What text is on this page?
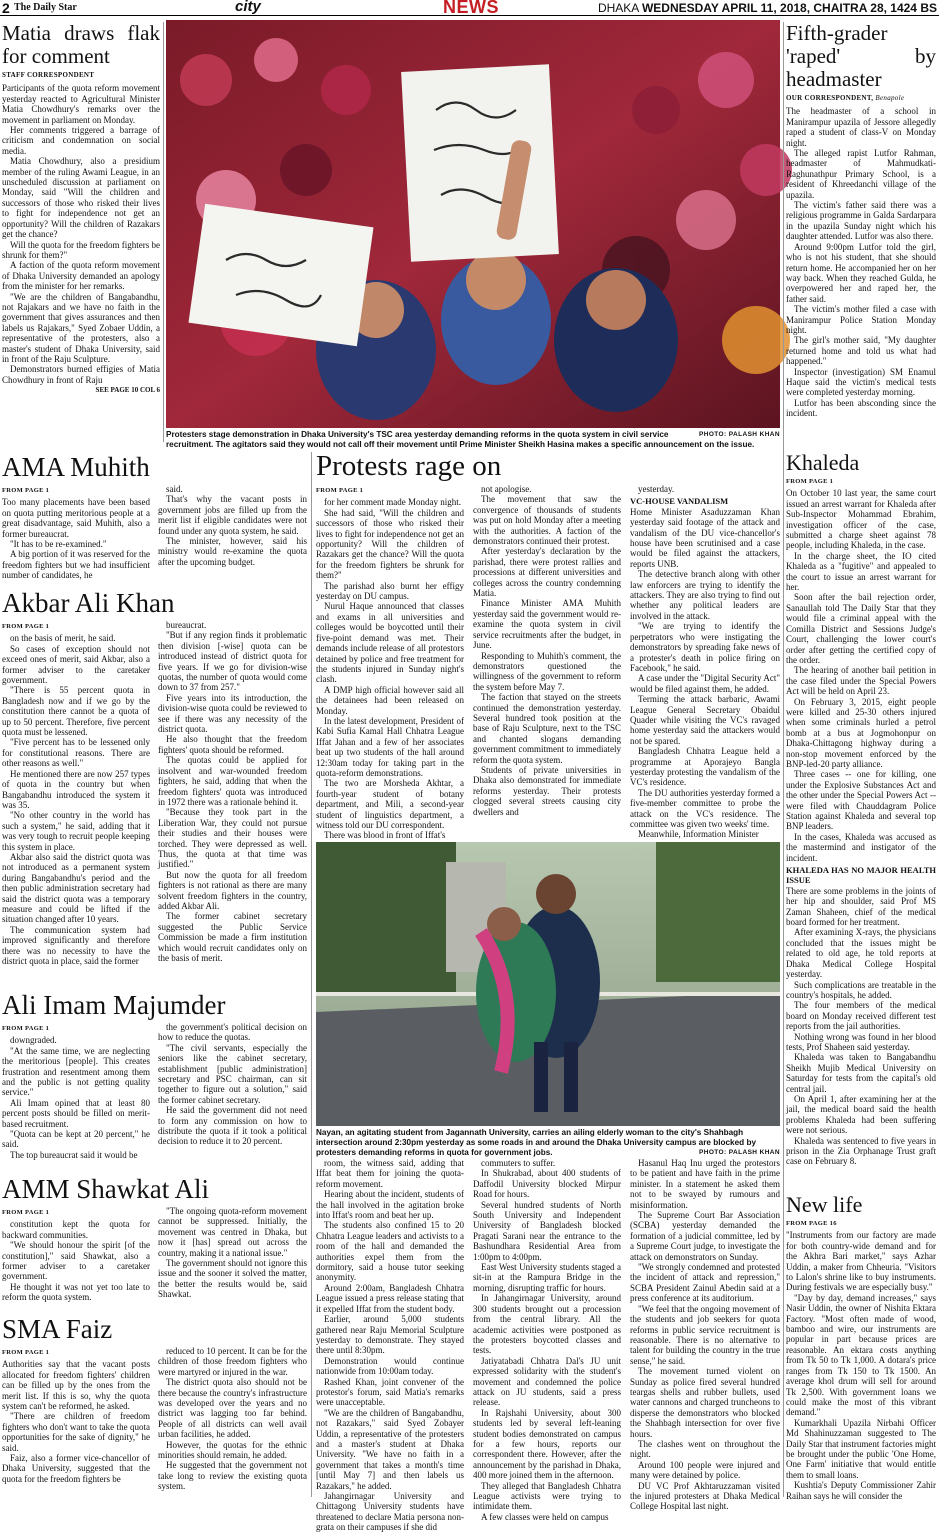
2 The Daily Star	city	NEWS	DHAKA WEDNESDAY APRIL 11, 2018, CHAITRA 28, 1424 BS
Matia draws flak for comment
STAFF CORRESPONDENT

Participants of the quota reform movement yesterday reacted to Agricultural Minister Matia Chowdhury's remarks over the movement in parliament on Monday.

Her comments triggered a barrage of criticism and condemnation on social media.

Matia Chowdhury, also a presidium member of the ruling Awami League, in an unscheduled discussion at parliament on Monday, said "Will the children and successors of those who risked their lives to fight for independence not get an opportunity? Will the children of Razakars get the chance?

Will the quota for the freedom fighters be shrunk for them?"

A faction of the quota reform movement of Dhaka University demanded an apology from the minister for her remarks.

"We are the children of Bangabandhu, not Rajakars and we have no faith in the government that gives assurances and then labels us Rajakars," Syed Zobaer Uddin, a representative of the protesters, also a master's student of Dhaka University, said in front of the Raju Sculpture.

Demonstrators burned effigies of Matia Chowdhury in front of Raju

SEE PAGE 10 COL 6
PHOTO: PALASH KHAN
Protesters stage demonstration in Dhaka University's TSC area yesterday demanding reforms in the quota system in civil service recruitment. The agitators said they would not call off their movement until Prime Minister Sheikh Hasina makes a specific announcement on the issue.
Fifth-grader 'raped' by headmaster
OUR CORRESPONDENT, Benapole

The headmaster of a school in Manirampur upazila of Jessore allegedly raped a student of class-V on Monday night.

The alleged rapist Lutfor Rahman, headmaster of Mahmudkati-Raghunathpur Primary School, is a resident of Khreedanchi village of the upazila.

The victim's father said there was a religious programme in Galda Sardarpara in the upazila Sunday night which his daughter attended. Lutfor was also there.

Around 9:00pm Lutfor told the girl, who is not his student, that she should return home. He accompanied her on her way back. When they reached Gulda, he overpowered her and raped her, the father said.

The victim's mother filed a case with Manirampur Police Station Monday night.

The girl's mother said, "My daughter returned home and told us what had happened."

Inspector (investigation) SM Enamul Haque said the victim's medical tests were completed yesterday morning.

Lutfor has been absconding since the incident.

AMA Muhith
FROM PAGE 1

Too many placements have been based on quota putting meritorious people at a great disadvantage, said Muhith, also a former bureaucrat.

"It has to be re-examined."

A big portion of it was reserved for the freedom fighters but we had insufficient number of candidates, he

said.

That's why the vacant posts in government jobs are filled up from the merit list if eligible candidates were not found under any quota system, he said.

The minister, however, said his ministry would re-examine the quota after the upcoming budget.

Akbar Ali Khan
FROM PAGE 1

on the basis of merit, he said.

So cases of exception should not exceed ones of merit, said Akbar, also a former adviser to the caretaker government.

"There is 55 percent quota in Bangladesh now and if we go by the constitution there cannot be a quota of up to 50 percent. Therefore, five percent quota must be lessened.

"Five percent has to be lessened only for constitutional reasons. There are other reasons as well."

He mentioned there are now 257 types of quota in the country but when Bangabandhu introduced the system it was 35.

"No other country in the world has such a system," he said, adding that it was very tough to recruit people keeping this system in place.

Akbar also said the district quota was not introduced as a permanent system during Bangabandhu's period and the then public administration secretary had said the district quota was a temporary measure and could be lifted if the situation changed after 10 years.

The communication system had improved significantly and therefore there was no necessity to have the district quota in place, said the former

bureaucrat.

"But if any region finds it problematic then division [-wise] quota can be introduced instead of district quota for five years. If we go for division-wise quotas, the number of quota would come down to 37 from 257."

Five years into its introduction, the division-wise quota could be reviewed to see if there was any necessity of the district quota.

He also thought that the freedom fighters' quota should be reformed.

The quotas could be applied for insolvent and war-wounded freedom fighters, he said, adding that when the freedom fighters' quota was introduced in 1972 there was a rationale behind it.

"Because they took part in the Liberation War, they could not pursue their studies and their houses were torched. They were depressed as well. Thus, the quota at that time was justified."

But now the quota for all freedom fighters is not rational as there are many solvent freedom fighters in the country, added Akbar Ali.

The former cabinet secretary suggested the Public Service Commission be made a firm institution which would recruit candidates only on the basis of merit.

Ali Imam Majumder
FROM PAGE 1

downgraded.

"At the same time, we are neglecting the meritorious [people]. This creates frustration and resentment among them and the public is not getting quality service."

Ali Imam opined that at least 80 percent posts should be filled on merit-based recruitment.

"Quota can be kept at 20 percent," he said.

The top bureaucrat said it would be

the government's political decision on how to reduce the quotas.

"The civil servants, especially the seniors like the cabinet secretary, establishment [public administration] secretary and PSC chairman, can sit together to figure out a solution," said the former cabinet secretary.

He said the government did not need to form any commission on how to distribute the quota if it took a political decision to reduce it to 20 percent.

AMM Shawkat Ali
FROM PAGE 1

constitution kept the quota for backward communities.

"We should honour the spirit [of the constitution]," said Shawkat, also a former adviser to a caretaker government.

He thought it was not yet too late to reform the quota system.

"The ongoing quota-reform movement cannot be suppressed. Initially, the movement was centred in Dhaka, but now it [has] spread out across the country, making it a national issue."

The government should not ignore this issue and the sooner it solved the matter, the better the results would be, said Shawkat.

SMA Faiz
FROM PAGE 1

Authorities say that the vacant posts allocated for freedom fighters' children can be filled up by the ones from the merit list. If this is so, why the quota system can't be reformed, he asked.

"There are children of freedom fighters who don't want to take the quota opportunities for the sake of dignity," he said.

Faiz, also a former vice-chancellor of Dhaka University, suggested that the quota for the freedom fighters be

reduced to 10 percent. It can be for the children of those freedom fighters who were martyred or injured in the war.

The district quota also should not be there because the country's infrastructure was developed over the years and no district was lagging too far behind. People of all districts can well avail urban facilities, he added.

However, the quotas for the ethnic minorities should remain, he added.

He suggested that the government not take long to review the existing quota system.

Protests rage on
FROM PAGE 1

for her comment made Monday night.

She had said, "Will the children and successors of those who risked their lives to fight for independence not get an opportunity? Will the children of Razakars get the chance? Will the quota for the freedom fighters be shrunk for them?"

The parishad also burnt her effigy yesterday on DU campus.

Nurul Haque announced that classes and exams in all universities and colleges would be boycotted until their five-point demand was met. Their demands include release of all protestors detained by police and free treatment for the students injured in Sunday night's clash.

A DMP high official however said all the detainees had been released on Monday.

In the latest development, President of Kabi Sufia Kamal Hall Chhatra League Iffat Jahan and a few of her associates beat up two students of the hall around 12:30am today for taking part in the quota-reform demonstrations.

The two are Morsheda Akhtar, a fourth-year student of botany department, and Mili, a second-year student of linguistics department, a witness told our DU correspondent.

There was blood in front of Iffat's

not apologise.

The movement that saw the convergence of thousands of students was put on hold Monday after a meeting with the authorities. A faction of the demonstrators continued their protest.

After yesterday's declaration by the parishad, there were protest rallies and processions at different universities and colleges across the country condemning Matia.

Finance Minister AMA Muhith yesterday said the government would re-examine the quota system in civil service recruitments after the budget, in June.

Responding to Muhith's comment, the demonstrators questioned the willingness of the government to reform the system before May 7.

The faction that stayed on the streets continued the demonstration yesterday. Several hundred took position at the base of Raju Sculpture, next to the TSC and chanted slogans demanding government commitment to immediately reform the quota system.

Students of private universities in Dhaka also demonstrated for immediate reforms yesterday. Their protests clogged several streets causing city dwellers and

yesterday.

VC-HOUSE VANDALISM

Home Minister Asaduzzaman Khan yesterday said footage of the attack and vandalism of the DU vice-chancellor's house have been scrutinised and a case would be filed against the attackers, reports UNB.

The detective branch along with other law enforcers are trying to identify the attackers. They are also trying to find out whether any political leaders are involved in the attack.

"We are trying to identify the perpetrators who were instigating the demonstrators by spreading fake news of a protester's death in police firing on Facebook," he said.

A case under the "Digital Security Act" would be filed against them, he added.

Terming the attack barbaric, Awami League General Secretary Obaidul Quader while visiting the VC's ravaged home yesterday said the attackers would not be spared.

Bangladesh Chhatra League held a programme at Aporajeyo Bangla yesterday protesting the vandalism of the VC's residence.

The DU authorities yesterday formed a five-member committee to probe the attack on the VC's residence. The committee was given two weeks' time.

Meanwhile, Information Minister

Nayan, an agitating student from Jagannath University, carries an ailing elderly woman to the city's Shahbagh intersection around 2:30pm yesterday as some roads in and around the Dhaka University campus are blocked by protesters demanding reforms in quota for government jobs.	PHOTO: PALASH KHAN

room, the witness said, adding that Iffat beat them for joining the quota-reform movement.

Hearing about the incident, students of the hall involved in the agitation broke into Iffat's room and beat her up.

The students also confined 15 to 20 Chhatra League leaders and activists to a room of the hall and demanded the authorities expel them from the dormitory, said a house tutor seeking anonymity.

Around 2:00am, Bangladesh Chhatra League issued a press release stating that it expelled Iffat from the student body.

Earlier, around 5,000 students gathered near Raju Memorial Sculpture yesterday to demonstrate. They stayed there until 8:30pm.

Demonstration would continue nationwide from 10:00am today.

Rashed Khan, joint convener of the protestor's forum, said Matia's remarks were unacceptable.

"We are the children of Bangabandhu, not Razakars," said Syed Zobayer Uddin, a representative of the protesters and a master's student at Dhaka University. "We have no faith in a government that takes a month's time [until May 7] and then labels us Razakars," he added.

Jahangirnagar University and Chittagong University students have threatened to declare Matia persona non-grata on their campuses if she did

commuters to suffer.

In Shukrabad, about 400 students of Daffodil University blocked Mirpur Road for hours.

Several hundred students of North South University and Independent University of Bangladesh blocked Pragati Sarani near the entrance to the Bashundhara Residential Area from 1:00pm to 4:00pm.

East West University students staged a sit-in at the Rampura Bridge in the morning, disrupting traffic for hours.

In Jahangirnagar University, around 300 students brought out a procession from the central library. All the academic activities were postponed as the protesters boycotted classes and tests.

Jatiyatabadi Chhatra Dal's JU unit expressed solidarity with the student's movement and condemned the police attack on JU students, said a press release.

In Rajshahi University, about 300 students led by several left-leaning student bodies demonstrated on campus for a few hours, reports our correspondent there. However, after the announcement by the parishad in Dhaka, 400 more joined them in the afternoon.

They alleged that Bangladesh Chhatra League activists were trying to intimidate them.

A few classes were held on campus

Hasanul Haq Inu urged the protestors to be patient and have faith in the prime minister. In a statement he asked them not to be swayed by rumours and misinformation.

The Supreme Court Bar Association (SCBA) yesterday demanded the formation of a judicial committee, led by a Supreme Court judge, to investigate the attack on demonstrators on Sunday.

"We strongly condemned and protested the incident of attack and repression," SCBA President Zainul Abedin said at a press conference at its auditorium.

"We feel that the ongoing movement of the students and job seekers for quota reforms in public service recruitment is reasonable. There is no alternative to talent for building the country in the true sense," he said.

The movement turned violent on Sunday as police fired several hundred teargas shells and rubber bullets, used water cannons and charged truncheons to disperse the demonstrators who blocked the Shahbagh intersection for over five hours.

The clashes went on throughout the night.

Around 100 people were injured and many were detained by police.

DU VC Prof Akhtaruzzaman visited the injured protesters at Dhaka Medical College Hospital last night.

Khaleda
FROM PAGE 1

On October 10 last year, the same court issued an arrest warrant for Khaleda after Sub-Inspector Mohammad Ebrahim, investigation officer of the case, submitted a charge sheet against 78 people, including Khaleda, in the case.

In the charge sheet, the IO cited Khaleda as a "fugitive" and appealed to the court to issue an arrest warrant for her.

Soon after the bail rejection order, Sanaullah told The Daily Star that they would file a criminal appeal with the Comilla District and Sessions Judge's Court, challenging the lower court's order after getting the certified copy of the order.

The hearing of another bail petition in the case filed under the Special Powers Act will be held on April 23.

On February 3, 2015, eight people were killed and 25-30 others injured when some criminals hurled a petrol bomb at a bus at Jogmohonpur on Dhaka-Chittagong highway during a non-stop movement enforced by the BNP-led-20 party alliance.

Three cases -- one for killing, one under the Explosive Substances Act and the other under the Special Powers Act -- were filed with Chauddagram Police Station against Khaleda and several top BNP leaders.

In the cases, Khaleda was accused as the mastermind and instigator of the incident.

KHALEDA HAS NO MAJOR HEALTH ISSUE

There are some problems in the joints of her hip and shoulder, said Prof MS Zaman Shaheen, chief of the medical board formed for her treatment.

After examining X-rays, the physicians concluded that the issues might be related to old age, he told reports at Dhaka Medical College Hospital yesterday.

Such complications are treatable in the country's hospitals, he added.

The four members of the medical board on Monday received different test reports from the jail authorities.

Nothing wrong was found in her blood tests, Prof Shaheen said yesterday.

Khaleda was taken to Bangabandhu Sheikh Mujib Medical University on Saturday for tests from the capital's old central jail.

On April 1, after examining her at the jail, the medical board said the health problems Khaleda had been suffering were not serious.

Khaleda was sentenced to five years in prison in the Zia Orphanage Trust graft case on February 8.

New life
FROM PAGE 16

"Instruments from our factory are made for both country-wide demand and for the Akhra Bari market," says Azhar Uddin, a maker from Chheuria. "Visitors to Lalon's shrine like to buy instruments. During festivals we are especially busy."

"Day by day, demand increases," says Nasir Uddin, the owner of Nishita Ektara Factory. "Most often made of wood, bamboo and wire, our instruments are popular in part because prices are reasonable. An ektara costs anything from Tk 50 to Tk 1,000. A dotara's price ranges from Tk 150 to Tk 1500. An average khol drum will sell for around Tk 2,500. With government loans we could make the most of this vibrant demand."

Kumarkhali Upazila Nirbahi Officer Md Shahinuzzaman suggested to The Daily Star that instrument factories might be brought under the public 'One Home, One Farm' initiative that would entitle them to small loans.

Kushtia's Deputy Commissioner Zahir Raihan says he will consider the
